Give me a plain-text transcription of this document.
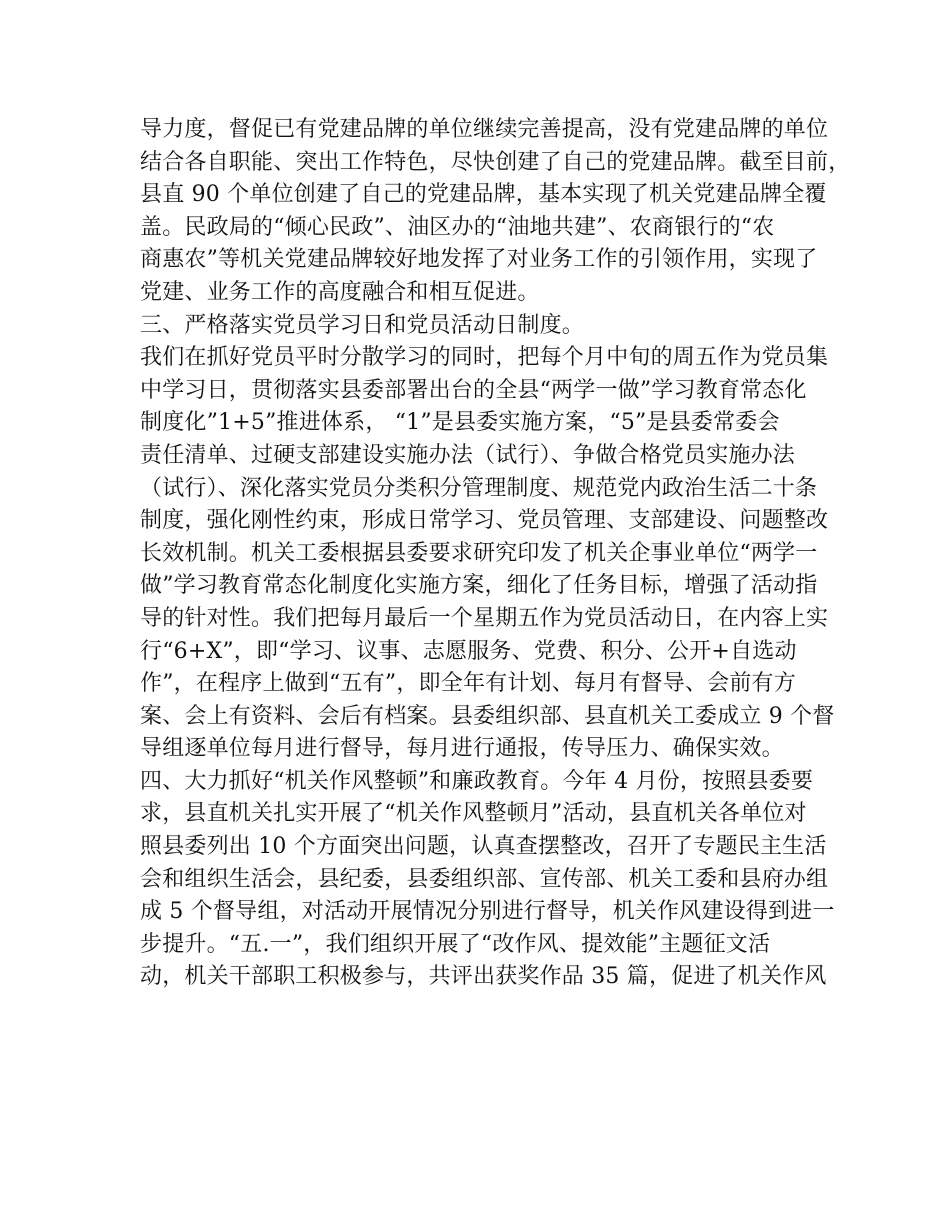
导力度，督促已有党建品牌的单位继续完善提高，没有党建品牌的单位
结合各自职能、突出工作特色，尽快创建了自己的党建品牌。截至目前，
县直 90 个单位创建了自己的党建品牌，基本实现了机关党建品牌全覆
盖。民政局的“倾心民政”、油区办的“油地共建”、农商银行的“农
商惠农”等机关党建品牌较好地发挥了对业务工作的引领作用，实现了
党建、业务工作的高度融合和相互促进。
三、严格落实党员学习日和党员活动日制度。
我们在抓好党员平时分散学习的同时，把每个月中旬的周五作为党员集
中学习日，贯彻落实县委部署出台的全县“两学一做”学习教育常态化
制度化”1+5”推进体系， “1”是县委实施方案，“5”是县委常委会
责任清单、过硬支部建设实施办法（试行）、争做合格党员实施办法
（试行）、深化落实党员分类积分管理制度、规范党内政治生活二十条
制度，强化刚性约束，形成日常学习、党员管理、支部建设、问题整改
长效机制。机关工委根据县委要求研究印发了机关企事业单位“两学一
做”学习教育常态化制度化实施方案，细化了任务目标，增强了活动指
导的针对性。我们把每月最后一个星期五作为党员活动日，在内容上实
行“6+X”，即“学习、议事、志愿服务、党费、积分、公开+自选动
作”，在程序上做到“五有”，即全年有计划、每月有督导、会前有方
案、会上有资料、会后有档案。县委组织部、县直机关工委成立 9 个督
导组逐单位每月进行督导，每月进行通报，传导压力、确保实效。
四、大力抓好“机关作风整顿”和廉政教育。今年 4 月份，按照县委要
求，县直机关扎实开展了“机关作风整顿月”活动，县直机关各单位对
照县委列出 10 个方面突出问题，认真查摆整改，召开了专题民主生活
会和组织生活会，县纪委，县委组织部、宣传部、机关工委和县府办组
成 5 个督导组，对活动开展情况分别进行督导，机关作风建设得到进一
步提升。“五.一”，我们组织开展了“改作风、提效能”主题征文活
动，机关干部职工积极参与，共评出获奖作品 35 篇，促进了机关作风
